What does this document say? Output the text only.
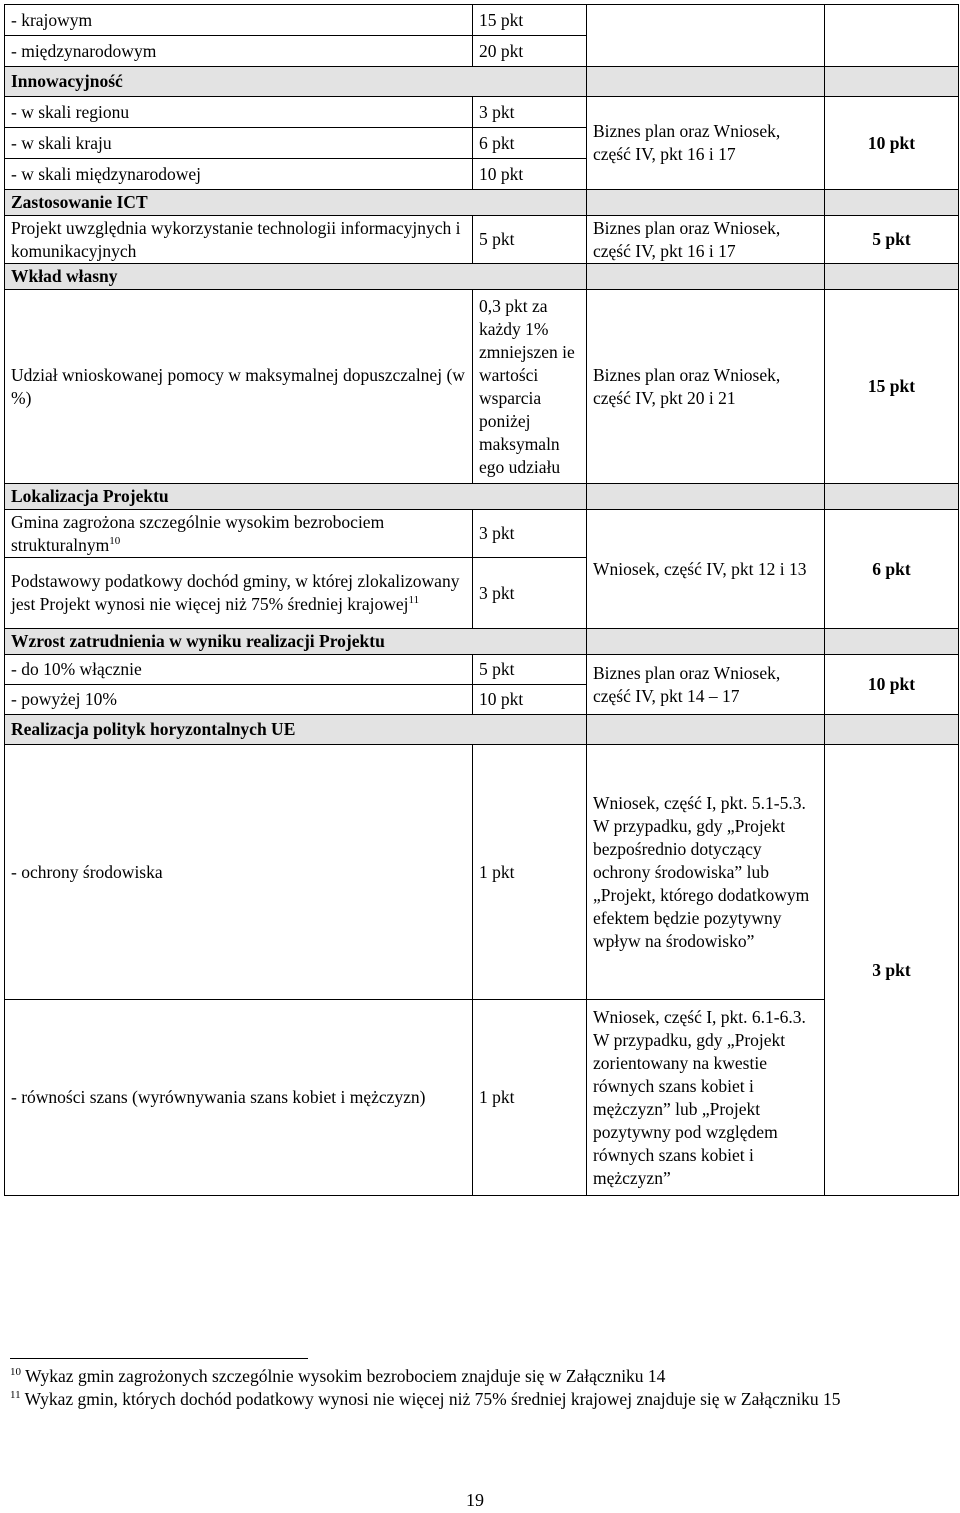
- krajowym	15 pkt		
- międzynarodowym	20 pkt		
Innowacyjność			
- w skali regionu	3 pkt	Biznes plan oraz Wniosek, część IV, pkt 16 i 17	10 pkt
- w skali kraju	6 pkt		
- w skali międzynarodowej	10 pkt		
Zastosowanie ICT			
Projekt uwzględnia wykorzystanie technologii informacyjnych i komunikacyjnych	5 pkt	Biznes plan oraz Wniosek, część IV, pkt 16 i 17	5 pkt
Wkład własny			
Udział wnioskowanej pomocy w maksymalnej dopuszczalnej (w %)	0,3 pkt za każdy 1% zmniejszen ie wartości wsparcia poniżej maksymaln ego udziału	Biznes plan oraz Wniosek, część IV, pkt 20 i 21	15 pkt
Lokalizacja Projektu			
Gmina zagrożona szczególnie wysokim bezrobociem strukturalnym$^{10}$	3 pkt	Wniosek, część IV, pkt 12 i 13	6 pkt
Podstawowy podatkowy dochód gminy, w której zlokalizowany jest Projekt wynosi nie więcej niż 75% średniej krajowej$^{11}$	3 pkt		
Wzrost zatrudnienia w wyniku realizacji Projektu			
- do 10% włącznie	5 pkt	Biznes plan oraz Wniosek, część IV, pkt 14 – 17	10 pkt
- powyżej 10%	10 pkt		
Realizacja polityk horyzontalnych UE			
- ochrony środowiska	1 pkt	Wniosek, część I, pkt. 5.1-5.3. W przypadku, gdy „Projekt bezpośrednio dotyczący ochrony środowiska” lub „Projekt, którego dodatkowym efektem będzie pozytywny wpływ na środowisko”	3 pkt
- równości szans (wyrównywania szans kobiet i mężczyzn)	1 pkt	Wniosek, część I, pkt. 6.1-6.3. W przypadku, gdy „Projekt zorientowany na kwestie równych szans kobiet i mężczyzn” lub „Projekt pozytywny pod względem równych szans kobiet i mężczyzn”	
$^{10}$ Wykaz gmin zagrożonych szczególnie wysokim bezrobociem znajduje się w Załączniku 14
$^{11}$ Wykaz gmin, których dochód podatkowy wynosi nie więcej niż 75% średniej krajowej znajduje się w Załączniku 15
19
